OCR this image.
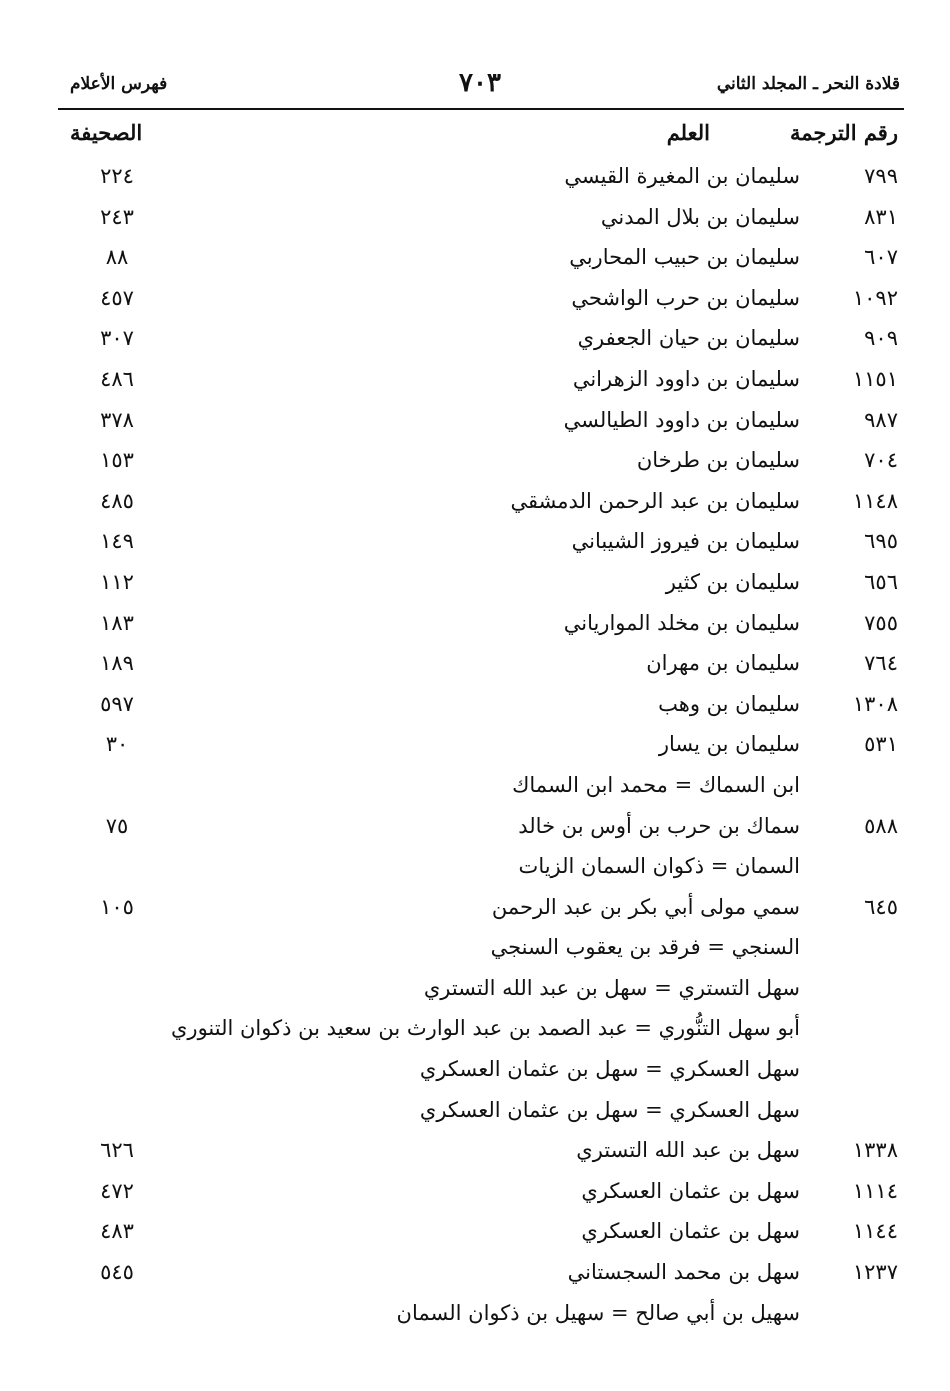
قلادة النحر ـ المجلد الثاني
٧٠٣
فهرس الأعلام
رقم الترجمة
العلم
الصحيفة
٧٩٩
سليمان بن المغيرة القيسي
٢٢٤
٨٣١
سليمان بن بلال المدني
٢٤٣
٦٠٧
سليمان بن حبيب المحاربي
٨٨
١٠٩٢
سليمان بن حرب الواشحي
٤٥٧
٩٠٩
سليمان بن حيان الجعفري
٣٠٧
١١٥١
سليمان بن داوود الزهراني
٤٨٦
٩٨٧
سليمان بن داوود الطيالسي
٣٧٨
٧٠٤
سليمان بن طرخان
١٥٣
١١٤٨
سليمان بن عبد الرحمن الدمشقي
٤٨٥
٦٩٥
سليمان بن فيروز الشيباني
١٤٩
٦٥٦
سليمان بن كثير
١١٢
٧٥٥
سليمان بن مخلد الموارياني
١٨٣
٧٦٤
سليمان بن مهران
١٨٩
١٣٠٨
سليمان بن وهب
٥٩٧
٥٣١
سليمان بن يسار
٣٠
ابن السماك = محمد ابن السماك
٥٨٨
سماك بن حرب بن أوس بن خالد
٧٥
السمان = ذكوان السمان الزيات
٦٤٥
سمي مولى أبي بكر بن عبد الرحمن
١٠٥
السنجي = فرقد بن يعقوب السنجي
سهل التستري = سهل بن عبد الله التستري
أبو سهل التنُّوري = عبد الصمد بن عبد الوارث بن سعيد بن ذكوان التنوري
سهل العسكري = سهل بن عثمان العسكري
سهل العسكري = سهل بن عثمان العسكري
١٣٣٨
سهل بن عبد الله التستري
٦٢٦
١١١٤
سهل بن عثمان العسكري
٤٧٢
١١٤٤
سهل بن عثمان العسكري
٤٨٣
١٢٣٧
سهل بن محمد السجستاني
٥٤٥
سهيل بن أبي صالح = سهيل بن ذكوان السمان
